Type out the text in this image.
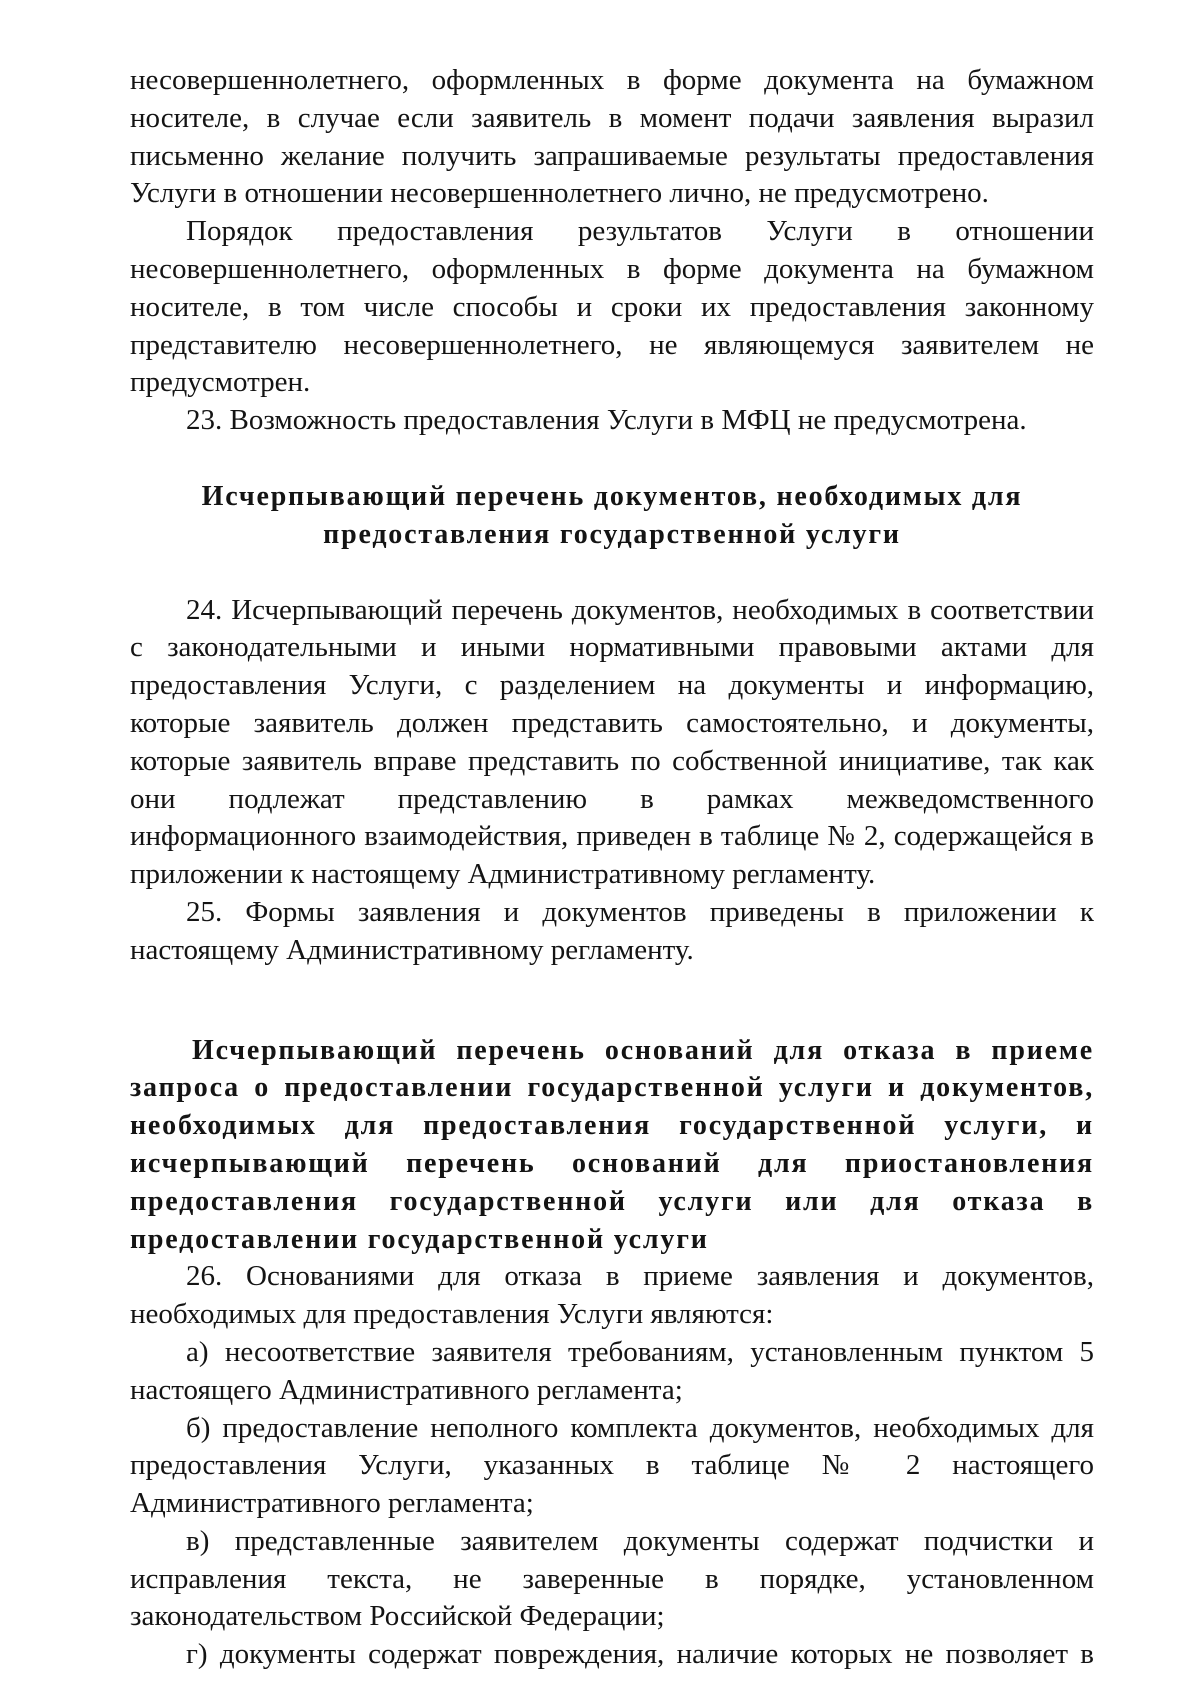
несовершеннолетнего, оформленных в форме документа на бумажном носителе, в случае если заявитель в момент подачи заявления выразил письменно желание получить запрашиваемые результаты предоставления Услуги в отношении несовершеннолетнего лично, не предусмотрено.

Порядок предоставления результатов Услуги в отношении несовершеннолетнего, оформленных в форме документа на бумажном носителе, в том числе способы и сроки их предоставления законному представителю несовершеннолетнего, не являющемуся заявителем не предусмотрен.

23. Возможность предоставления Услуги в МФЦ не предусмотрена.

Исчерпывающий перечень документов, необходимых для

предоставления государственной услуги

24. Исчерпывающий перечень документов, необходимых в соответствии с законодательными и иными нормативными правовыми актами для предоставления Услуги, с разделением на документы и информацию, которые заявитель должен представить самостоятельно, и документы, которые заявитель вправе представить по собственной инициативе, так как они подлежат представлению в рамках межведомственного информационного взаимодействия, приведен в таблице № 2, содержащейся в приложении к настоящему Административному регламенту.

25. Формы заявления и документов приведены в приложении к настоящему Административному регламенту.

Исчерпывающий перечень оснований для отказа в приеме запроса о предоставлении государственной услуги и документов, необходимых для предоставления государственной услуги, и исчерпывающий перечень оснований для приостановления предоставления государственной услуги или для отказа в предоставлении государственной услуги

26. Основаниями для отказа в приеме заявления и документов, необходимых для предоставления Услуги являются:

а) несоответствие заявителя требованиям, установленным пунктом 5 настоящего Административного регламента;

б) предоставление неполного комплекта документов, необходимых для предоставления Услуги, указанных в таблице № 2 настоящего Административного регламента;

в) представленные заявителем документы содержат подчистки и исправления текста, не заверенные в порядке, установленном законодательством Российской Федерации;

г) документы содержат повреждения, наличие которых не позволяет в
